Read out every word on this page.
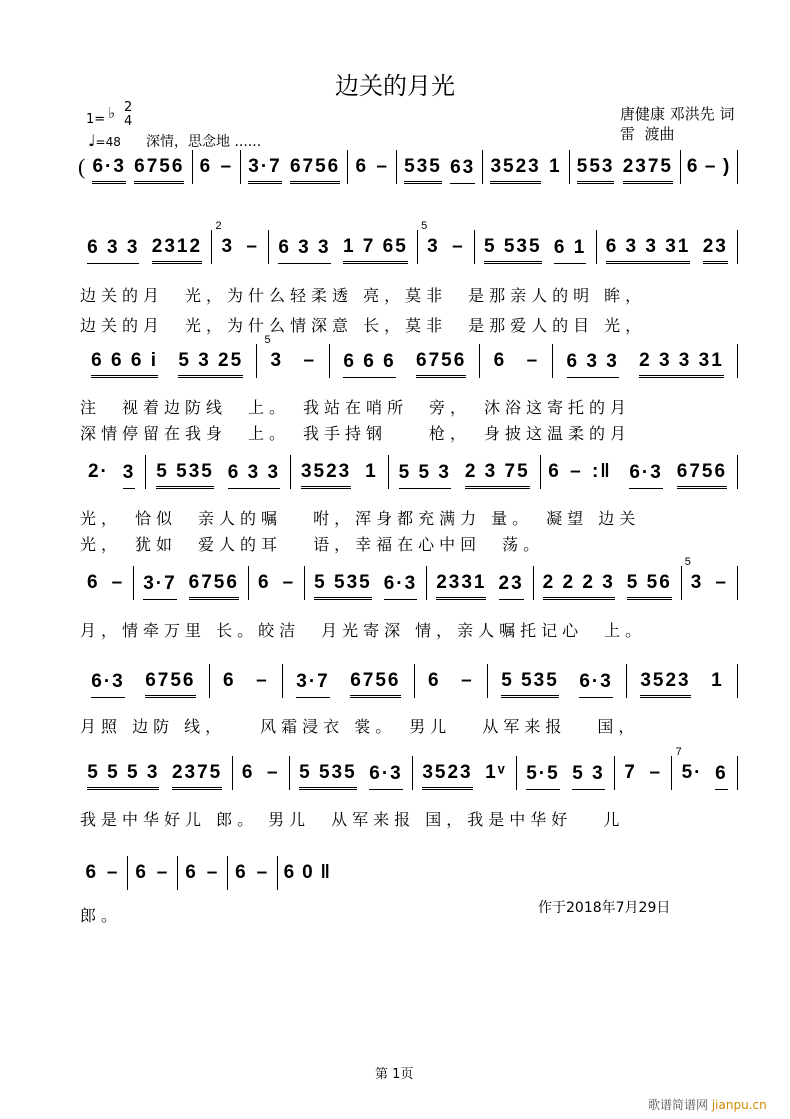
边关的月光
1= ♭ 2
4
♩=48 深情，思念地 ......
唐健康 邓洪先 词
雷  渡曲
( 6·3 6756 6 – 3·7 6756 6 – 535 63 3523 1 553 2375 6 – )
6 3 3 2312
2
3 – 6 3 3 1 7 65
5
3 – 5 535 6 1 6 3 3 31 23
6 6 6 i 5 3 25
5
3 – 6 6 6 6756 6 – 6 3 3 2 3 3 31
2· 3 5 535 6 3 3 3523 1 5 5 3 2 3 75 6 – :‖ 6·3 6756
6 – 3·7 6756 6 – 5 535 6·3 2331 23 2 2 2 3 5 56
5
3 –
6·3 6756 6 – 3·7 6756 6 – 5 535 6·3 3523 1
5 5 5 3 2375 6 – 5 535 6·3 3523 1ᵛ 5·5 5 3 7 –
7
5· 6
6 – 6 – 6 – 6 – 6 0 ‖
边关的月　光，为什么轻柔透 亮，莫非　是那亲人的明 眸，
边关的月　光，为什么情深意 长，莫非　是那爱人的目 光，
注　视着边防线　上。　我站在哨所　旁，　沐浴这寄托的月
深情停留在我身　上。　我手持钢　　枪，　身披这温柔的月
光，　恰似　亲人的嘱　 咐，浑身都充满力 量。　凝望 边关
光，　犹如　爱人的耳　 语，幸福在心中回　荡。
月，情牵万里 长。皎洁　月光寄深 情，亲人嘱托记心　上。
月照 边防 线，　　风霜浸衣 裳。　男儿　 从军来报　 国，
我是中华好儿 郎。 男儿　从军来报 国，我是中华好　 儿
郎。	作于2018年7月29日
第 1页
歌谱简谱网 jianpu.cn
